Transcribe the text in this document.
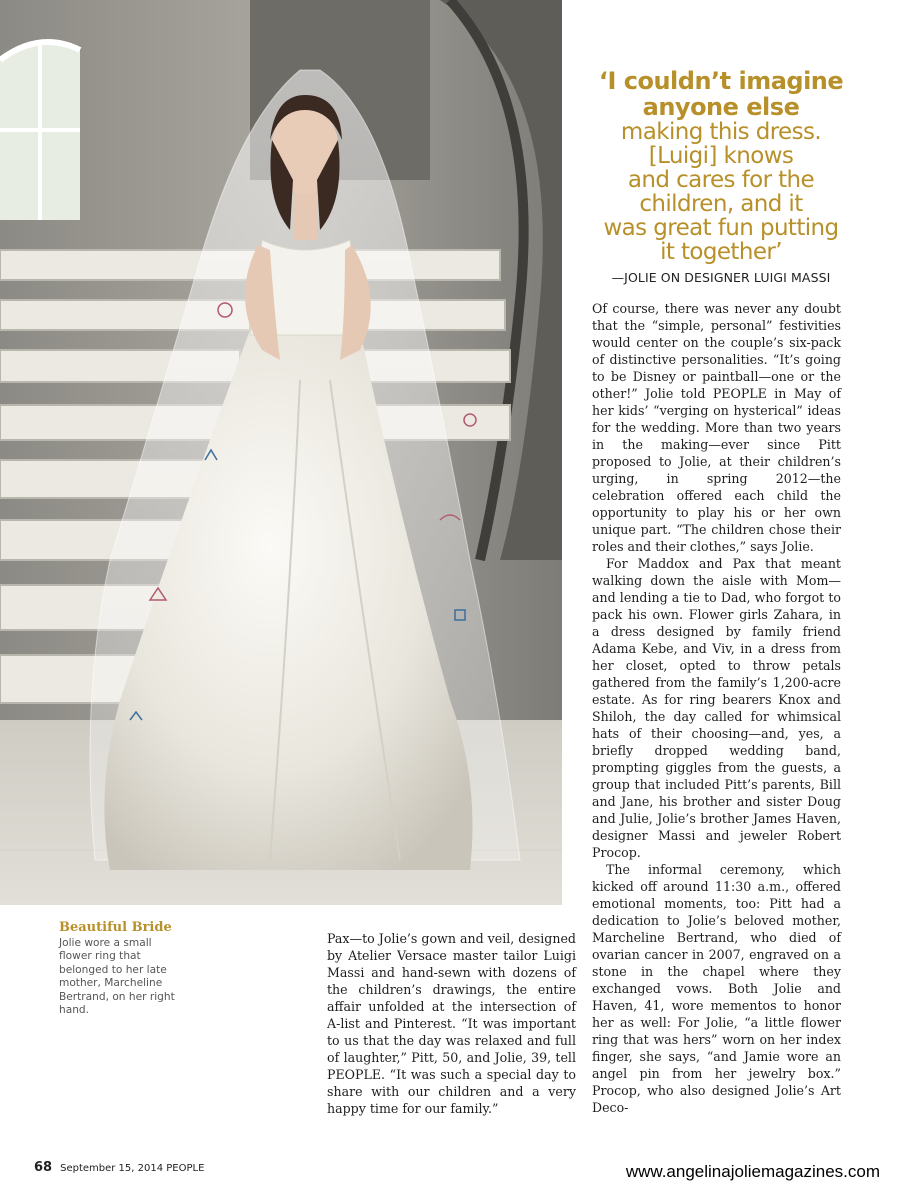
‘I couldn’t imagine
anyone else
making this dress.
[Luigi] knows
and cares for the
children, and it
was great fun putting
it together’
—JOLIE ON DESIGNER LUIGI MASSI

Of course, there was never any doubt that the “simple, personal” festivities would center on the couple’s six-pack of distinctive personalities. “It’s going to be Disney or paintball—one or the other!” Jolie told PEOPLE in May of her kids’ “verging on hysterical” ideas for the wedding. More than two years in the making—ever since Pitt proposed to Jolie, at their children’s urging, in spring 2012—the celebration offered each child the opportunity to play his or her own unique part. “The children chose their roles and their clothes,” says Jolie.

For Maddox and Pax that meant walking down the aisle with Mom—and lending a tie to Dad, who forgot to pack his own. Flower girls Zahara, in a dress designed by family friend Adama Kebe, and Viv, in a dress from her closet, opted to throw petals gathered from the family’s 1,200-acre estate. As for ring bearers Knox and Shiloh, the day called for whimsical hats of their choosing—and, yes, a briefly dropped wedding band, prompting giggles from the guests, a group that included Pitt’s parents, Bill and Jane, his brother and sister Doug and Julie, Jolie’s brother James Haven, designer Massi and jeweler Robert Procop.

The informal ceremony, which kicked off around 11:30 a.m., offered emotional moments, too: Pitt had a dedication to Jolie’s beloved mother, Marcheline Bertrand, who died of ovarian cancer in 2007, engraved on a stone in the chapel where they exchanged vows. Both Jolie and Haven, 41, wore mementos to honor her as well: For Jolie, “a little flower ring that was hers” worn on her index finger, she says, “and Jamie wore an angel pin from her jewelry box.” Procop, who also designed Jolie’s Art Deco-

Pax—to Jolie’s gown and veil, designed by Atelier Versace master tailor Luigi Massi and hand-sewn with dozens of the children’s drawings, the entire affair unfolded at the intersection of A-list and Pinterest. “It was important to us that the day was relaxed and full of laughter,” Pitt, 50, and Jolie, 39, tell PEOPLE. “It was such a special day to share with our children and a very happy time for our family.”

Beautiful Bride
Jolie wore a small flower ring that belonged to her late mother, Marcheline Bertrand, on her right hand.
68 September 15, 2014 PEOPLE	www.angelinajoliemagazines.com
